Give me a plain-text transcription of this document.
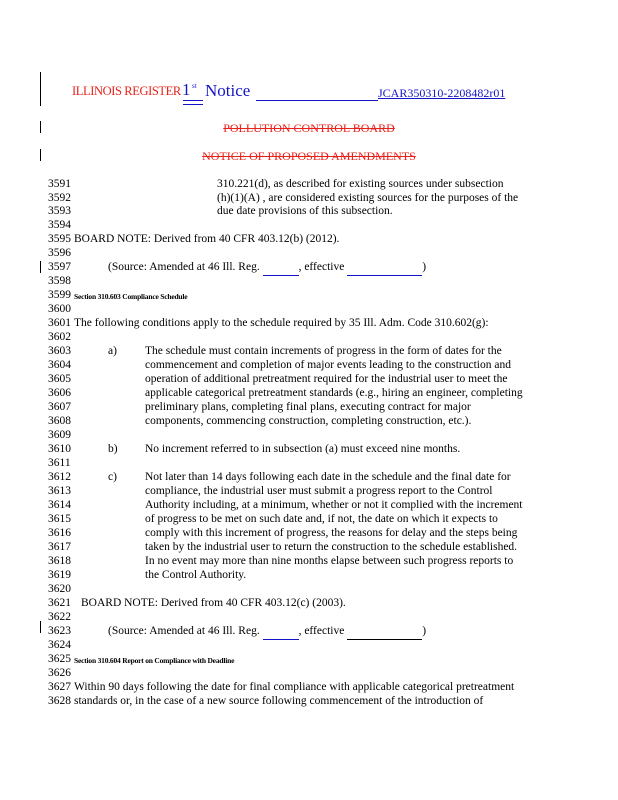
ILLINOIS REGISTER 1 st Notice	JCAR350310-2208482r01
POLLUTION CONTROL BOARD
NOTICE OF PROPOSED AMENDMENTS
3591	310.221(d), as described for existing sources under subsection
3592	(h)(1)(A) , are considered existing sources for the purposes of the
3593	due date provisions of this subsection.
3594
3595 BOARD NOTE: Derived from 40 CFR 403.12(b) (2012).
3596
3597	(Source: Amended at 46 Ill. Reg.	, effective	)
3598
3599 Section 310.603 Compliance Schedule
3600
3601 The following conditions apply to the schedule required by 35 Ill. Adm. Code 310.602(g):
3602
3603	a) The schedule must contain increments of progress in the form of dates for the
3604	commencement and completion of major events leading to the construction and
3605	operation of additional pretreatment required for the industrial user to meet the
3606	applicable categorical pretreatment standards (e.g., hiring an engineer, completing
3607	preliminary plans, completing final plans, executing contract for major
3608	components, commencing construction, completing construction, etc.).
3609
3610	b) No increment referred to in subsection (a) must exceed nine months.
3611
3612	c) Not later than 14 days following each date in the schedule and the final date for
3613	compliance, the industrial user must submit a progress report to the Control
3614	Authority including, at a minimum, whether or not it complied with the increment
3615	of progress to be met on such date and, if not, the date on which it expects to
3616	comply with this increment of progress, the reasons for delay and the steps being
3617	taken by the industrial user to return the construction to the schedule established.
3618	In no event may more than nine months elapse between such progress reports to
3619	the Control Authority.
3620
3621 BOARD NOTE: Derived from 40 CFR 403.12(c) (2003).
3622
3623	(Source: Amended at 46 Ill. Reg.	, effective	)
3624
3625 Section 310.604 Report on Compliance with Deadline
3626
3627 Within 90 days following the date for final compliance with applicable categorical pretreatment
3628 standards or, in the case of a new source following commencement of the introduction of
